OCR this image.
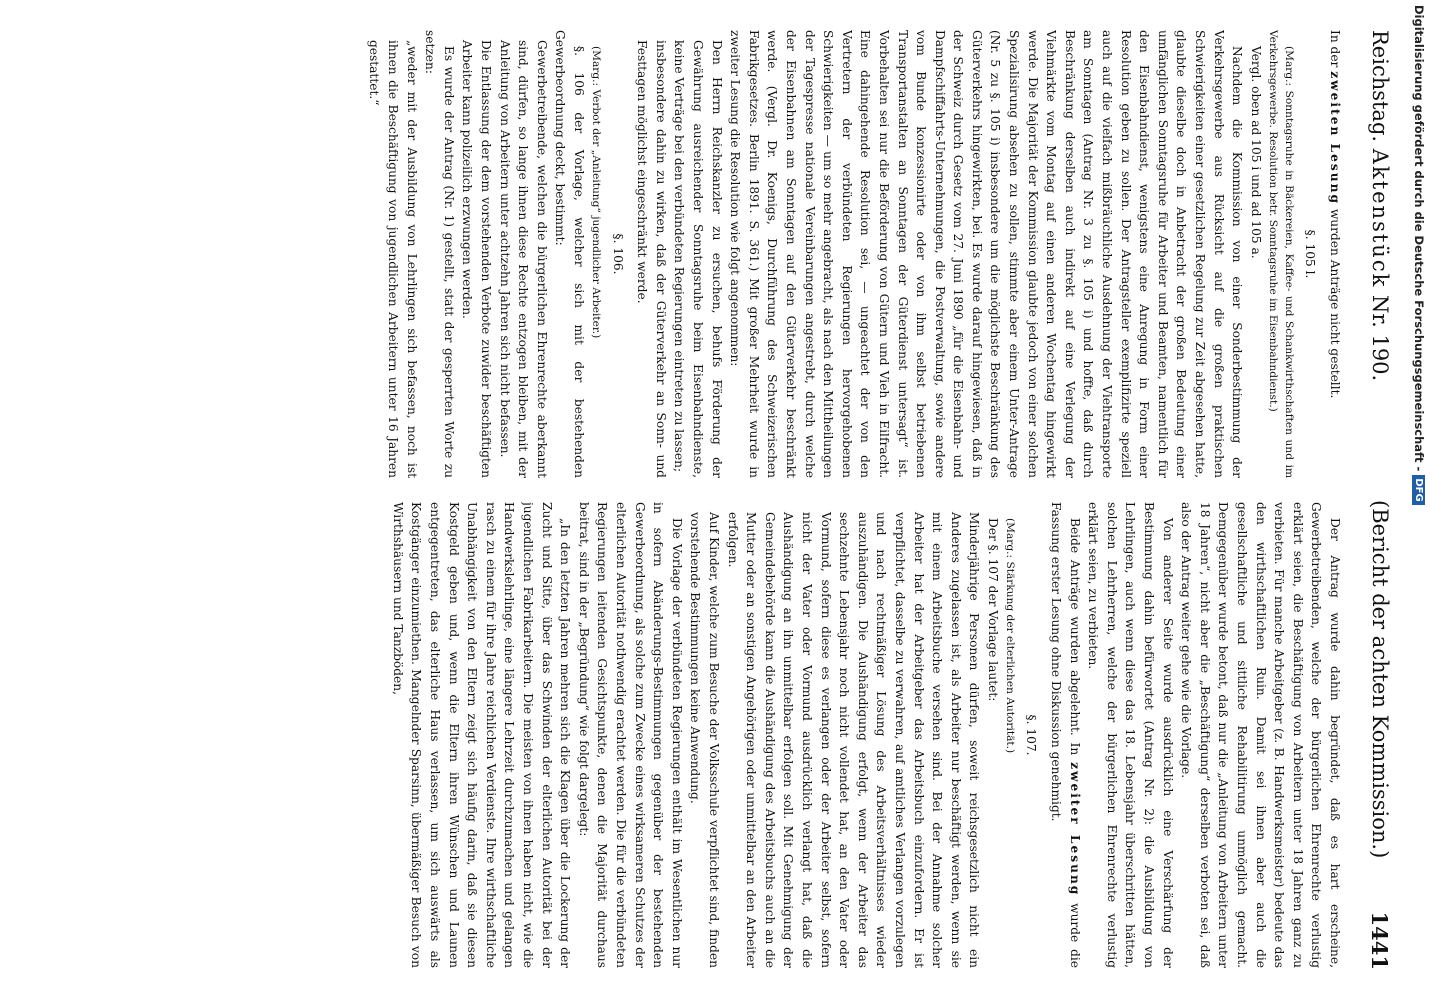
Reichstag. Aktenstück Nr. 190.
(Bericht der achten Kommission.)
1441

In der zweiten Lesung wurden Anträge nicht gestellt.

§. 105 l.

(Marg.: Sonntagsruhe in Bäckereien, Kaffee- und Schankwirthschaften und im Verkehrsgewerbe. Resolution betr. Sonntagsruhe im Eisenbahndienst.)

Vergl. oben ad 105 i und ad 105 a.

Nachdem die Kommission von einer Sonderbestimmung der Verkehrsgewerbe aus Rücksicht auf die großen praktischen Schwierigkeiten einer gesetzlichen Regelung zur Zeit abgesehen hatte, glaubte dieselbe doch in Anbetracht der großen Bedeutung einer umfänglichen Sonntagsruhe für Arbeiter und Beamten, namentlich für den Eisenbahndienst, wenigstens eine Anregung in Form einer Resolution geben zu sollen. Der Antragsteller exemplifizirte speziell auch auf die vielfach mißbräuchliche Ausdehnung der Viehtransporte am Sonntagen (Antrag Nr. 3 zu §. 105 i) und hoffte, daß durch Beschränkung derselben auch indirekt auf eine Verlegung der Viehmärkte vom Montag auf einen anderen Wochentag hingewirkt werde. Die Majorität der Kommission glaubte jedoch von einer solchen Spezialisirung absehen zu sollen, stimmte aber einem Unter-Antrage (Nr. 5 zu §. 105 i) insbesondere um die möglichste Beschränkung des Güterverkehrs hingewirkten, bei. Es wurde darauf hingewiesen, daß in der Schweiz durch Gesetz vom 27. Juni 1890 „für die Eisenbahn- und Dampfschiffahrts-Unternehmungen, die Postverwaltung, sowie andere vom Bunde konzessionirte oder von ihm selbst betriebenen Transportanstalten an Sonntagen der Güterdienst untersagt“ ist. Vorbehalten sei nur die Beförderung von Gütern und Vieh in Eilfracht. Eine dahingehende Resolution sei, — ungeachtet der von den Vertretern der verbündeten Regierungen hervorgehobenen Schwierigkeiten — um so mehr angebracht, als nach den Mittheilungen der Tagespresse nationale Vereinbarungen angestrebt, durch welche der Eisenbahnen am Sonntagen auf den Güterverkehr beschränkt werde. (Vergl. Dr. Koenigs, Durchführung des Schweizerischen Fabrikgesetzes. Berlin 1891. S. 361.) Mit großer Mehrheit wurde in zweiter Lesung die Resolution wie folgt angenommen:

Den Herrn Reichskanzler zu ersuchen, behufs Förderung der Gewährung ausreichender Sonntagsruhe beim Eisenbahndienste, keine Verträge bei den verbündeten Regierungen eintreten zu lassen;

insbesondere dahin zu wirken, daß der Güterverkehr an Sonn- und Festtagen möglichst eingeschränkt werde.

§. 106.

(Marg.: Verbot der „Anleitung“ jugendlicher Arbeiter.)

§. 106 der Vorlage, welcher sich mit der bestehenden Gewerbeordnung deckt, bestimmt:

Gewerbetreibende, welchen die bürgerlichen Ehrenrechte aberkannt sind, dürfen, so lange ihnen diese Rechte entzogen bleiben, mit der Anleitung von Arbeitern unter achtzehn Jahren sich nicht befassen.

Die Entlassung der dem vorstehenden Verbote zuwider beschäftigten Arbeiter kann polizeilich erzwungen werden.

Es wurde der Antrag (Nr. 1) gestellt, statt der gesperrten Worte zu setzen:

„weder mit der Ausbildung von Lehrlingen sich befassen, noch ist ihnen die Beschäftigung von jugendlichen Arbeitern unter 16 Jahren gestattet.“

Der Antrag wurde dahin begründet, daß es hart erscheine, Gewerbetreibenden, welche der bürgerlichen Ehrenrechte verlustig erklärt seien, die Beschäftigung von Arbeitern unter 18 Jahren ganz zu verbieten. Für manche Arbeitgeber (z. B. Handwerksmeister) bedeute das den wirthschaftlichen Ruin. Damit sei ihnen aber auch die gesellschaftliche und sittliche Rehabilitirung unmöglich gemacht. Demgegenüber wurde betont, daß nur die „Anleitung von Arbeitern unter 18 Jahren“, nicht aber die „Beschäftigung“ derselben verboten sei, daß also der Antrag weiter gehe wie die Vorlage.

Von anderer Seite wurde ausdrücklich eine Verschärfung der Bestimmung dahin befürwortet (Antrag Nr. 2): die Ausbildung von Lehrlingen, auch wenn diese das 18. Lebensjahr überschritten hätten, solchen Lehrherren, welche der bürgerlichen Ehrenrechte verlustig erklärt seien, zu verbieten.

Beide Anträge wurden abgelehnt. In zweiter Lesung wurde die Fassung erster Lesung ohne Diskussion genehmigt.

§. 107.

(Marg.: Stärkung der elterlichen Autorität.)

Der §. 107 der Vorlage lautet:

Minderjährige Personen dürfen, soweit reichsgesetzlich nicht ein Anderes zugelassen ist, als Arbeiter nur beschäftigt werden, wenn sie mit einem Arbeitsbuche versehen sind. Bei der Annahme solcher Arbeiter hat der Arbeitgeber das Arbeitsbuch einzufordern. Er ist verpflichtet, dasselbe zu verwahren, auf amtliches Verlangen vorzulegen und nach rechtmäßiger Lösung des Arbeitsverhältnisses wieder auszuhändigen. Die Aushändigung erfolgt, wenn der Arbeiter das sechzehnte Lebensjahr noch nicht vollendet hat, an den Vater oder Vormund, sofern diese es verlangen oder der Arbeiter selbst, sofern nicht der Vater oder Vormund ausdrücklich verlangt hat, daß die Aushändigung an ihn unmittelbar erfolgen soll. Mit Genehmigung der Gemeindebehörde kann die Aushändigung des Arbeitsbuchs auch an die Mutter oder an sonstigen Angehörigen oder unmittelbar an den Arbeiter erfolgen.

Auf Kinder, welche zum Besuche der Volksschule verpflichtet sind, finden vorstehende Bestimmungen keine Anwendung.

Die Vorlage der verbündeten Regierungen enthält im Wesentlichen nur in sofern Abänderungs-Bestimmungen gegenüber der bestehenden Gewerbeordnung, als solche zum Zwecke eines wirksameren Schutzes der elterlichen Autorität nothwendig erachtet werden. Die für die verbündeten Regierungen leitenden Gesichtspunkte, denen die Majorität durchaus beitrat, sind in der „Begründung“ wie folgt dargelegt:

„In den letzten Jahren mehren sich die Klagen über die Lockerung der Zucht und Sitte, über das Schwinden der elterlichen Autorität bei der jugendlichen Fabrikarbeitern. Die meisten von ihnen haben nicht, wie die Handwerkslehrlinge, eine längere Lehrzeit durchzumachen und gelangen rasch zu einem für ihre Jahre reichlichen Verdienste. Ihre wirthschaftliche Unabhängigkeit von den Eltern zeigt sich häufig darin, daß sie diesen Kostgeld geben und, wenn die Eltern ihren Wünschen und Launen entgegentreten, das elterliche Haus verlassen, um sich auswärts als Kostgänger einzumiethen. Mangelnder Sparsinn, übermäßiger Besuch von Wirthshäusern und Tanzböden,

Digitalisierung gefördert durch die Deutsche Forschungsgemeinschaft -DFG
